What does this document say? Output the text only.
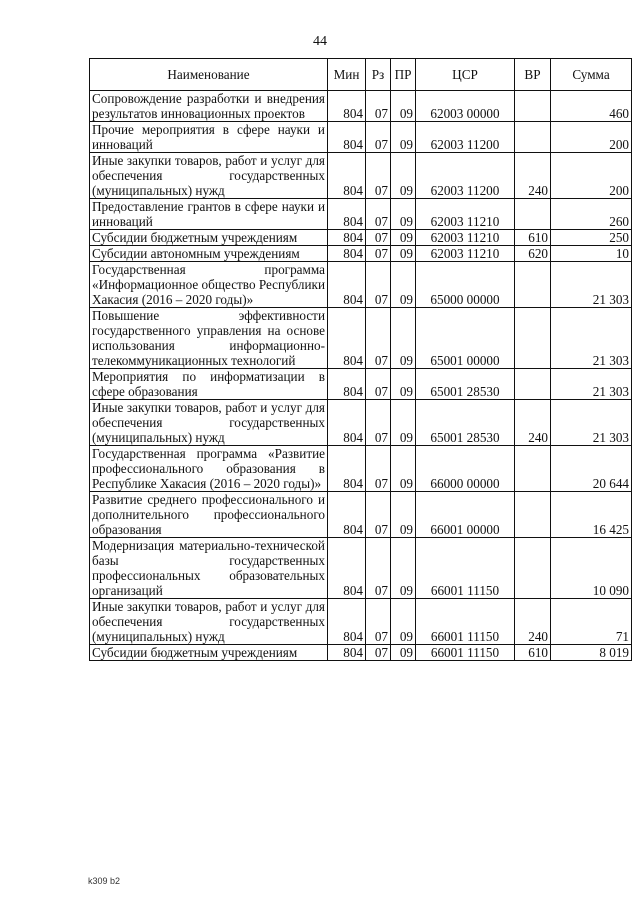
44
Наименование	Мин	Рз	ПР	ЦСР	ВР	Сумма
Сопровождение разработки и внедрения результатов инновационных проектов	804	07	09	62003 00000		460
Прочие мероприятия в сфере науки и инноваций	804	07	09	62003 11200		200
Иные закупки товаров, работ и услуг для обеспечения государственных (муниципальных) нужд	804	07	09	62003 11200	240	200
Предоставление грантов в сфере науки и инноваций	804	07	09	62003 11210		260
Субсидии бюджетным учреждениям	804	07	09	62003 11210	610	250
Субсидии автономным учреждениям	804	07	09	62003 11210	620	10
Государственная программа «Информационное общество Республики Хакасия (2016 – 2020 годы)»	804	07	09	65000 00000		21 303
Повышение эффективности государственного управления на основе использования информационно-телекоммуникационных технологий	804	07	09	65001 00000		21 303
Мероприятия по информатизации в сфере образования	804	07	09	65001 28530		21 303
Иные закупки товаров, работ и услуг для обеспечения государственных (муниципальных) нужд	804	07	09	65001 28530	240	21 303
Государственная программа «Развитие профессионального образования в Республике Хакасия (2016 – 2020 годы)»	804	07	09	66000 00000		20 644
Развитие среднего профессионального и дополнительного профессионального образования	804	07	09	66001 00000		16 425
Модернизация материально-технической базы государственных профессиональных образовательных организаций	804	07	09	66001 11150		10 090
Иные закупки товаров, работ и услуг для обеспечения государственных (муниципальных) нужд	804	07	09	66001 11150	240	71
Субсидии бюджетным учреждениям	804	07	09	66001 11150	610	8 019
k309 b2
